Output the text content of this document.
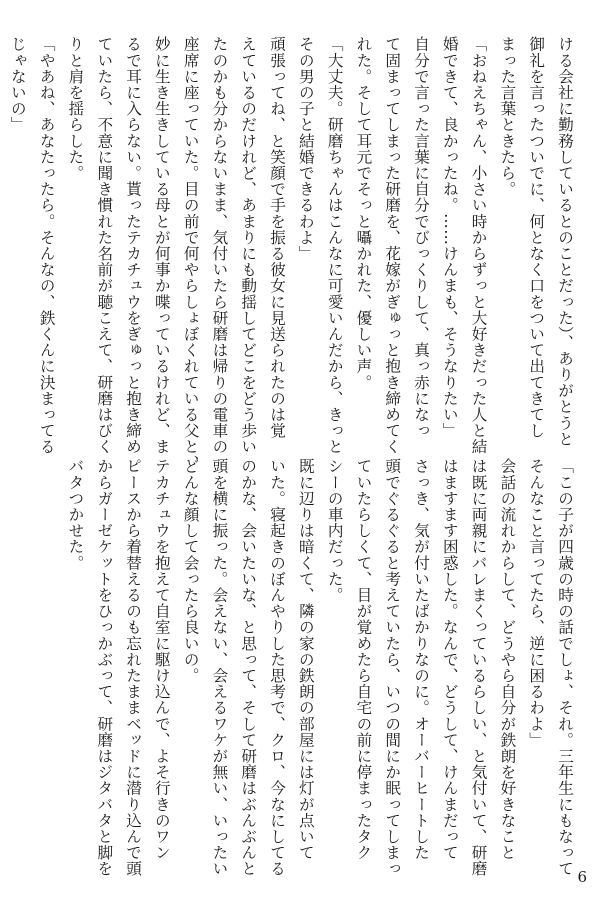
ける会社に勤務しているとのことだった）、ありがとうと
御礼を言ったついでに、何となく口をついて出てきてし
まった言葉ときたら。
「おねえちゃん、小さい時からずっと大好きだった人と結
婚できて、良かったね。……けんまも、そうなりたい」
自分で言った言葉に自分でびっくりして、真っ赤になっ
て固まってしまった研磨を、花嫁がぎゅっと抱き締めてく
れた。そして耳元でそっと囁かれた、優しい声。
「大丈夫。研磨ちゃんはこんなに可愛いんだから、きっと
その男の子と結婚できるわよ」
頑張ってね、と笑顔で手を振る彼女に見送られたのは覚
えているのだけれど、あまりにも動揺してどこをどう歩い
たのかも分からないまま、気付いたら研磨は帰りの電車の
座席に座っていた。目の前で何やらしょぼくれている父と、
妙に生き生きしている母とが何事か喋っているけれど、ま
るで耳に入らない。貰ったテカチュウをぎゅっと抱き締め
ていたら、不意に聞き慣れた名前が聴こえて、研磨はびく
りと肩を揺らした。
「やあね、あなたったら。そんなの、鉄くんに決まってる
じゃないの」
「この子が四歳の時の話でしょ、それ。三年生にもなって
そんなこと言ってたら、逆に困るわよ」
会話の流れからして、どうやら自分が鉄朗を好きなこと
は既に両親にバレまくっているらしい、と気付いて、研磨
はますます困惑した。なんで、どうして、けんまだって
さっき、気が付いたばかりなのに。オーバーヒートした
頭でぐるぐると考えていたら、いつの間にか眠ってしまっ
ていたらしくて、目が覚めたら自宅の前に停まったタク
シーの車内だった。
既に辺りは暗くて、隣の家の鉄朗の部屋には灯が点いて
いた。寝起きのぼんやりした思考で、クロ、今なにしてる
のかな、会いたいな、と思って、そして研磨はぶんぶんと
頭を横に振った。会えない、会えるワケが無い、いったい
どんな顔して会ったら良いの。
テカチュウを抱えて自室に駆け込んで、よそ行きのワン
ピースから着替えるのも忘れたままベッドに潜り込んで頭
からガーゼケットをひっかぶって、研磨はジタバタと脚を
バタつかせた。

6
